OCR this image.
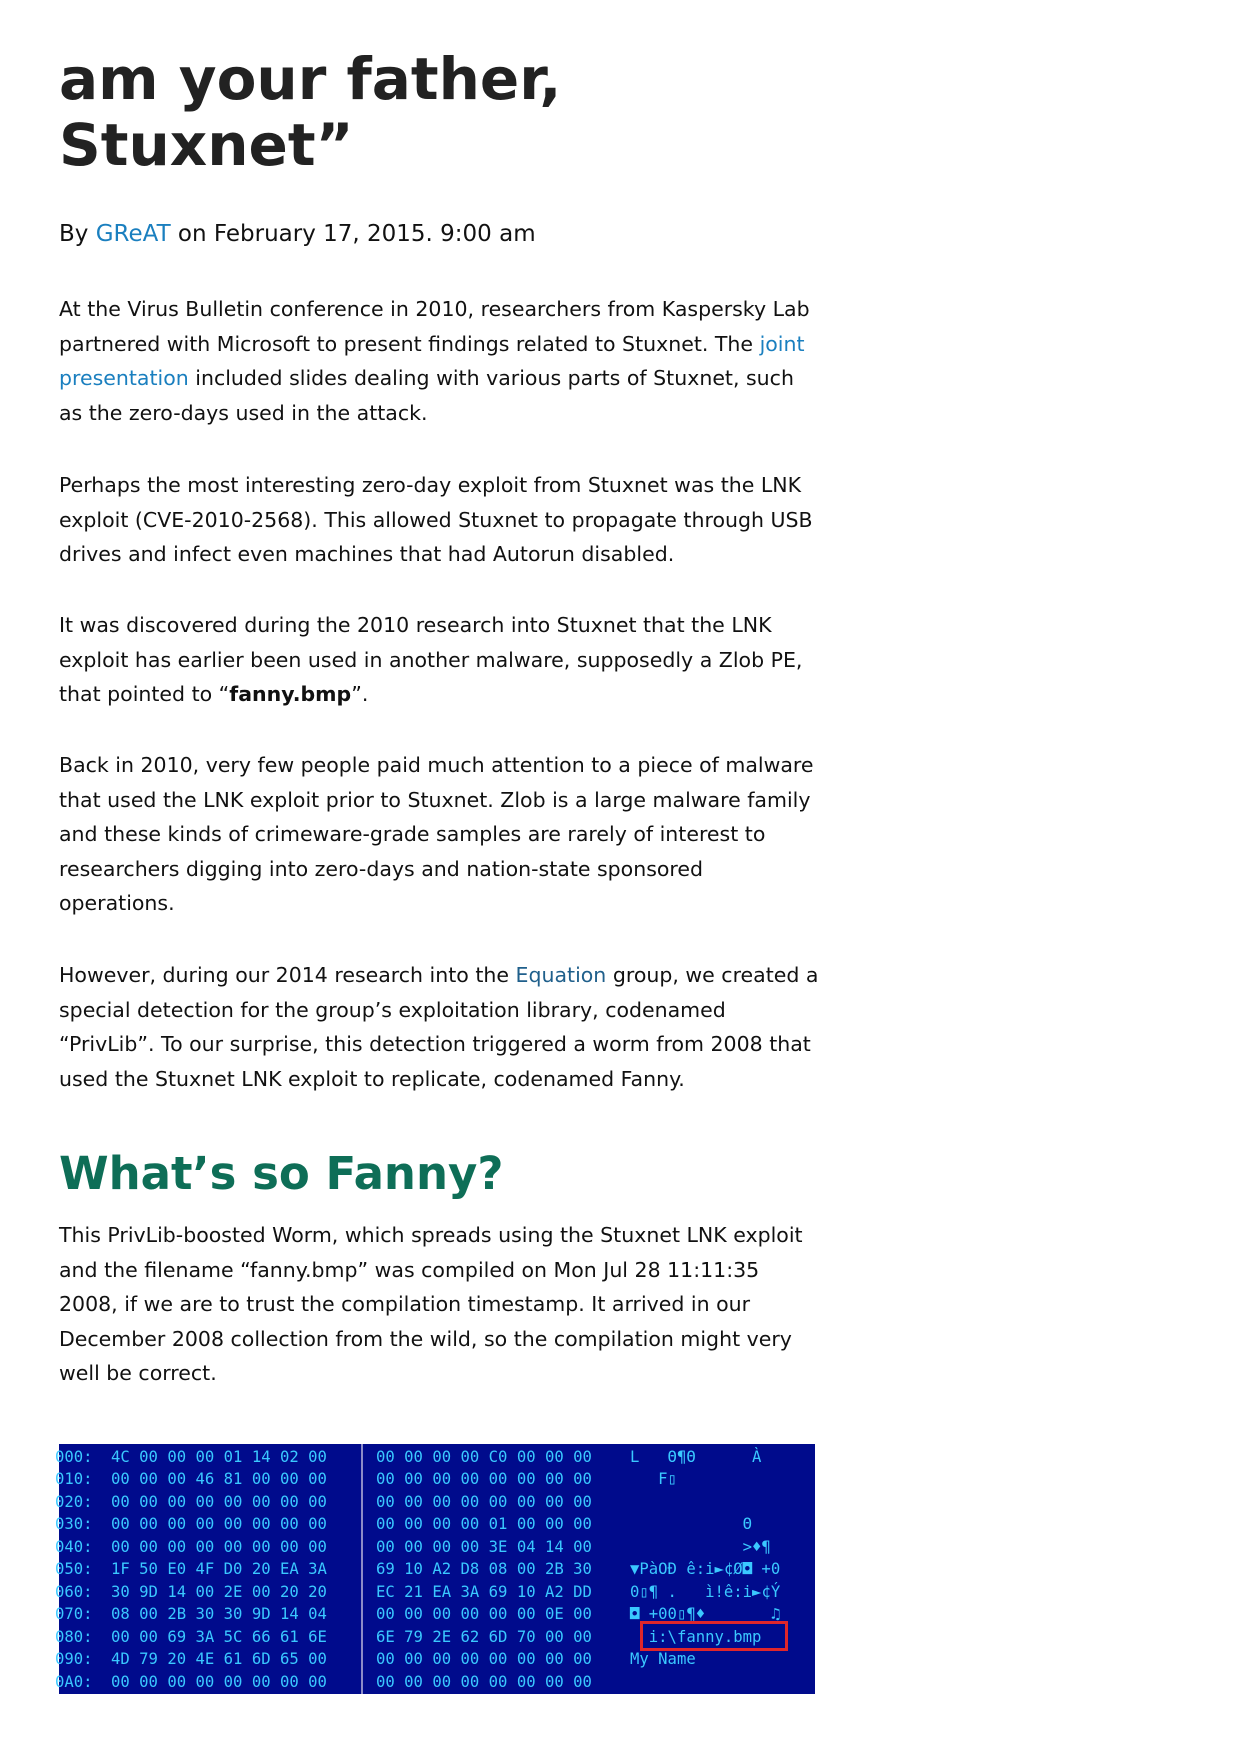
am your father,
Stuxnet”
By GReAT on February 17, 2015. 9:00 am

At the Virus Bulletin conference in 2010, researchers from Kaspersky Lab partnered with Microsoft to present findings related to Stuxnet. The joint presentation included slides dealing with various parts of Stuxnet, such as the zero-days used in the attack.

Perhaps the most interesting zero-day exploit from Stuxnet was the LNK exploit (CVE-2010-2568). This allowed Stuxnet to propagate through USB drives and infect even machines that had Autorun disabled.

It was discovered during the 2010 research into Stuxnet that the LNK exploit has earlier been used in another malware, supposedly a Zlob PE, that pointed to “fanny.bmp”.

Back in 2010, very few people paid much attention to a piece of malware that used the LNK exploit prior to Stuxnet. Zlob is a large malware family and these kinds of crimeware-grade samples are rarely of interest to researchers digging into zero-days and nation-state sponsored operations.

However, during our 2014 research into the Equation group, we created a special detection for the group’s exploitation library, codenamed “PrivLib”. To our surprise, this detection triggered a worm from 2008 that used the Stuxnet LNK exploit to replicate, codenamed Fanny.

What’s so Fanny?

This PrivLib-boosted Worm, which spreads using the Stuxnet LNK exploit and the filename “fanny.bmp” was compiled on Mon Jul 28 11:11:35 2008, if we are to trust the compilation timestamp. It arrived in our December 2008 collection from the wild, so the compilation might very well be correct.

000: 4C 00 00 00 01 14 02 00	00 00 00 00 C0 00 00 00 L   Θ¶Θ      À
010: 00 00 00 46 81 00 00 00	00 00 00 00 00 00 00 00 F▯
020: 00 00 00 00 00 00 00 00	00 00 00 00 00 00 00 00
030: 00 00 00 00 00 00 00 00	00 00 00 00 01 00 00 00 Θ
040: 00 00 00 00 00 00 00 00	00 00 00 00 3E 04 14 00 >♦¶
050: 1F 50 E0 4F D0 20 EA 3A	69 10 A2 D8 08 00 2B 30 ▼PàOĐ ê:i►¢Ø◘ +0
060: 30 9D 14 00 2E 00 20 20	EC 21 EA 3A 69 10 A2 DD 0▯¶ .   ì!ê:i►¢Ý
070: 08 00 2B 30 30 9D 14 04	00 00 00 00 00 00 0E 00 ◘ +00▯¶♦       ♫
080: 00 00 69 3A 5C 66 61 6E	6E 79 2E 62 6D 70 00 00 i:\fanny.bmp
090: 4D 79 20 4E 61 6D 65 00	00 00 00 00 00 00 00 00 My Name
0A0: 00 00 00 00 00 00 00 00	00 00 00 00 00 00 00 00
